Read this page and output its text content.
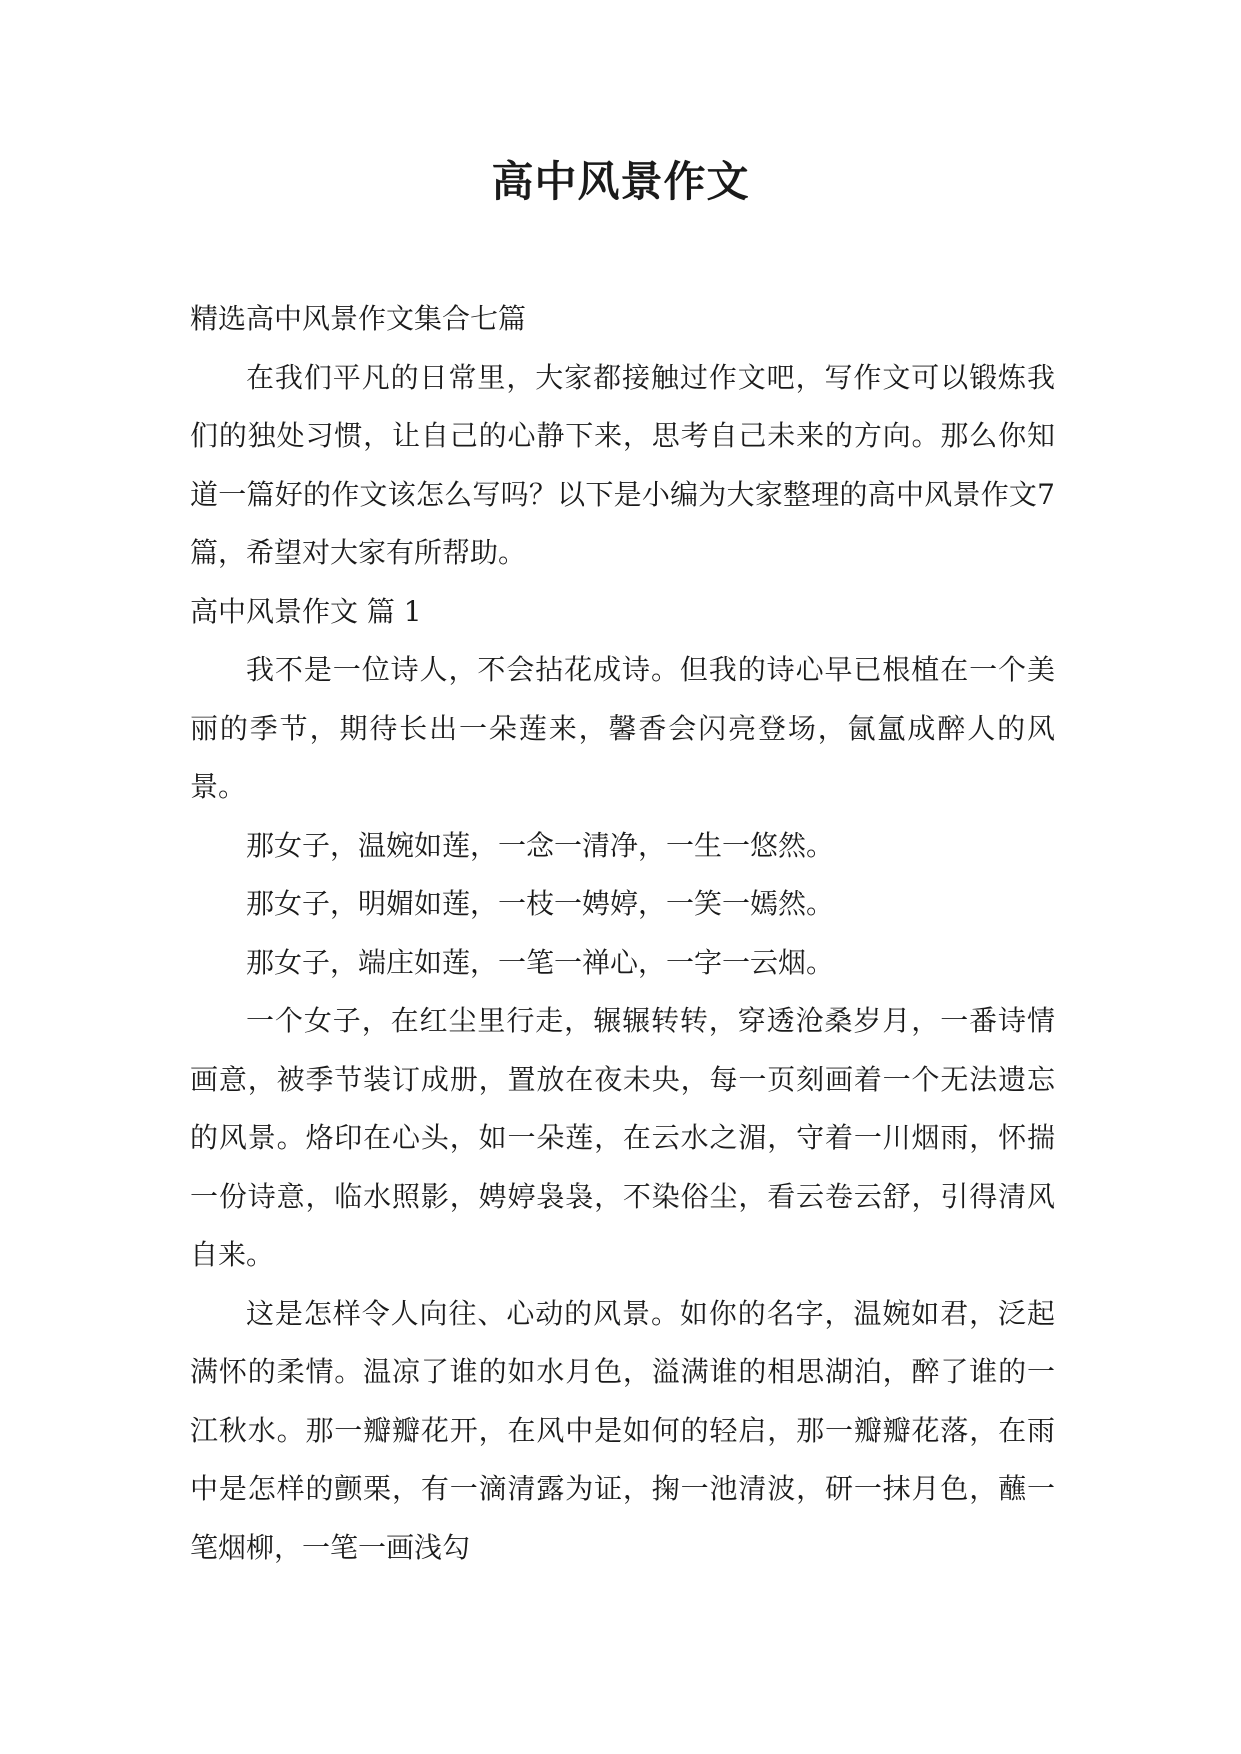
高中风景作文

精选高中风景作文集合七篇

在我们平凡的日常里，大家都接触过作文吧，写作文可以锻炼我们的独处习惯，让自己的心静下来，思考自己未来的方向。那么你知道一篇好的作文该怎么写吗？以下是小编为大家整理的高中风景作文7篇，希望对大家有所帮助。

高中风景作文 篇 1

我不是一位诗人，不会拈花成诗。但我的诗心早已根植在一个美丽的季节，期待长出一朵莲来，馨香会闪亮登场，氤氲成醉人的风景。

那女子，温婉如莲，一念一清净，一生一悠然。

那女子，明媚如莲，一枝一娉婷，一笑一嫣然。

那女子，端庄如莲，一笔一禅心，一字一云烟。

一个女子，在红尘里行走，辗辗转转，穿透沧桑岁月，一番诗情画意，被季节装订成册，置放在夜未央，每一页刻画着一个无法遗忘的风景。烙印在心头，如一朵莲，在云水之湄，守着一川烟雨，怀揣一份诗意，临水照影，娉婷袅袅，不染俗尘，看云卷云舒，引得清风自来。

这是怎样令人向往、心动的风景。如你的名字，温婉如君，泛起满怀的柔情。温凉了谁的如水月色，溢满谁的相思湖泊，醉了谁的一江秋水。那一瓣瓣花开，在风中是如何的轻启，那一瓣瓣花落，在雨中是怎样的颤栗，有一滴清露为证，掬一池清波，研一抹月色，蘸一笔烟柳，一笔一画浅勾
